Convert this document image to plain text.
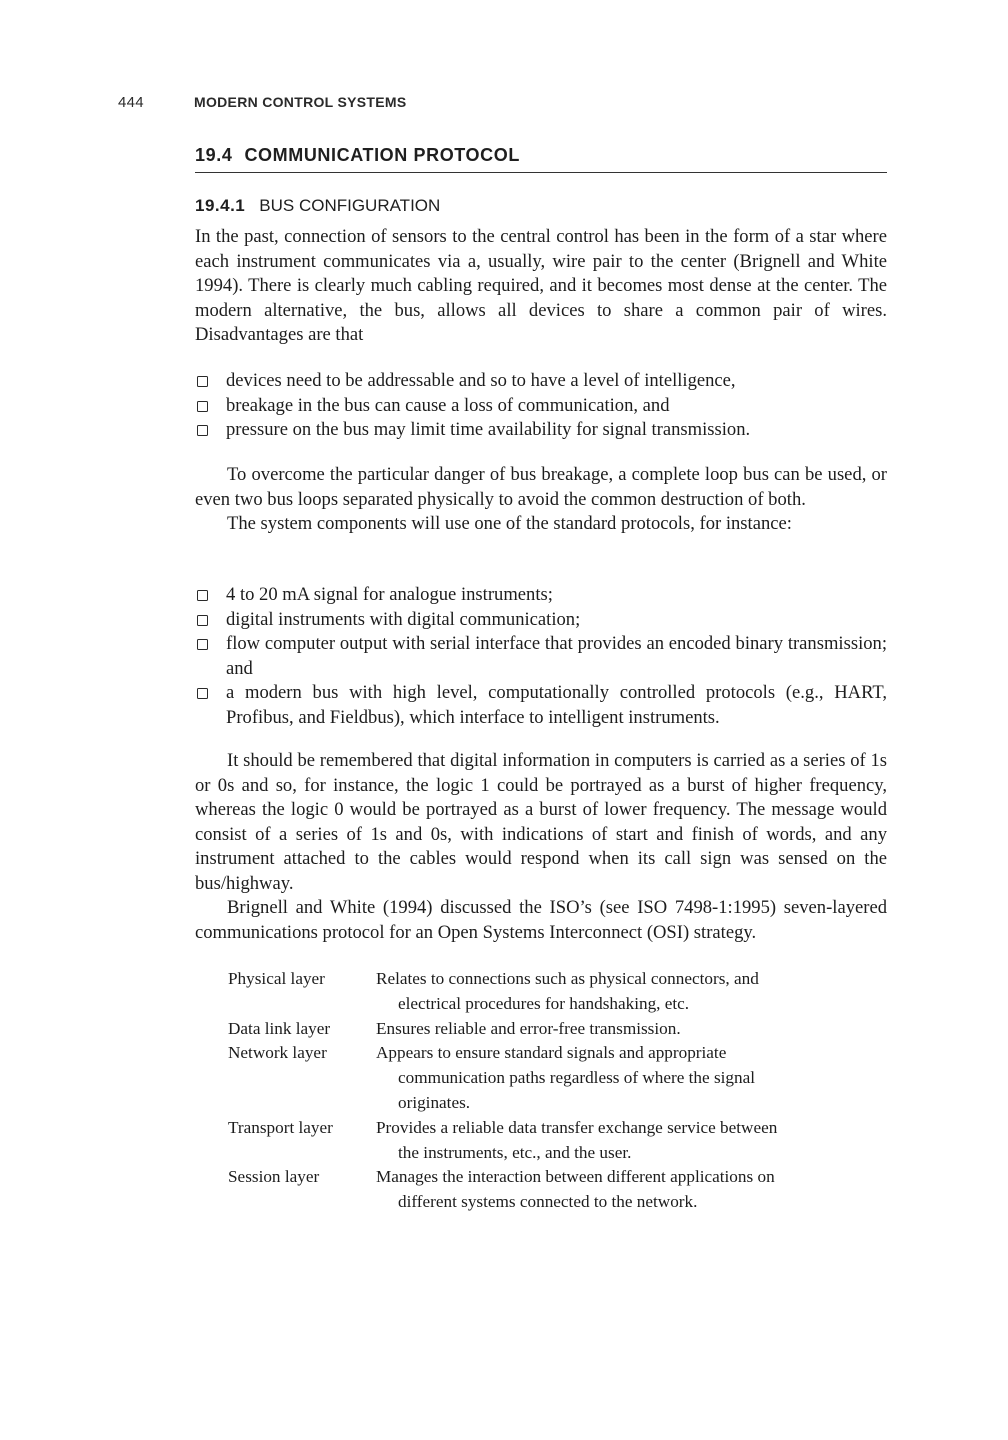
444	MODERN CONTROL SYSTEMS
19.4 COMMUNICATION PROTOCOL
19.4.1 BUS CONFIGURATION

In the past, connection of sensors to the central control has been in the form of a star where each instrument communicates via a, usually, wire pair to the center (Brignell and White 1994). There is clearly much cabling required, and it becomes most dense at the center. The modern alternative, the bus, allows all devices to share a common pair of wires. Disadvantages are that

devices need to be addressable and so to have a level of intelligence,
breakage in the bus can cause a loss of communication, and
pressure on the bus may limit time availability for signal transmission.

To overcome the particular danger of bus breakage, a complete loop bus can be used, or even two bus loops separated physically to avoid the common destruction of both.

The system components will use one of the standard protocols, for instance:

4 to 20 mA signal for analogue instruments;
digital instruments with digital communication;
flow computer output with serial interface that provides an encoded binary transmission; and
a modern bus with high level, computationally controlled protocols (e.g., HART, Profibus, and Fieldbus), which interface to intelligent instruments.

It should be remembered that digital information in computers is carried as a series of 1s or 0s and so, for instance, the logic 1 could be portrayed as a burst of higher frequency, whereas the logic 0 would be portrayed as a burst of lower frequency. The message would consist of a series of 1s and 0s, with indications of start and finish of words, and any instrument attached to the cables would respond when its call sign was sensed on the bus/highway.

Brignell and White (1994) discussed the ISO’s (see ISO 7498-1:1995) seven-layered communications protocol for an Open Systems Interconnect (OSI) strategy.

Physical layer	Relates to connections such as physical connectors, and electrical procedures for handshaking, etc.
Data link layer	Ensures reliable and error-free transmission.
Network layer	Appears to ensure standard signals and appropriate communication paths regardless of where the signal originates.
Transport layer	Provides a reliable data transfer exchange service between the instruments, etc., and the user.
Session layer	Manages the interaction between different applications on different systems connected to the network.
